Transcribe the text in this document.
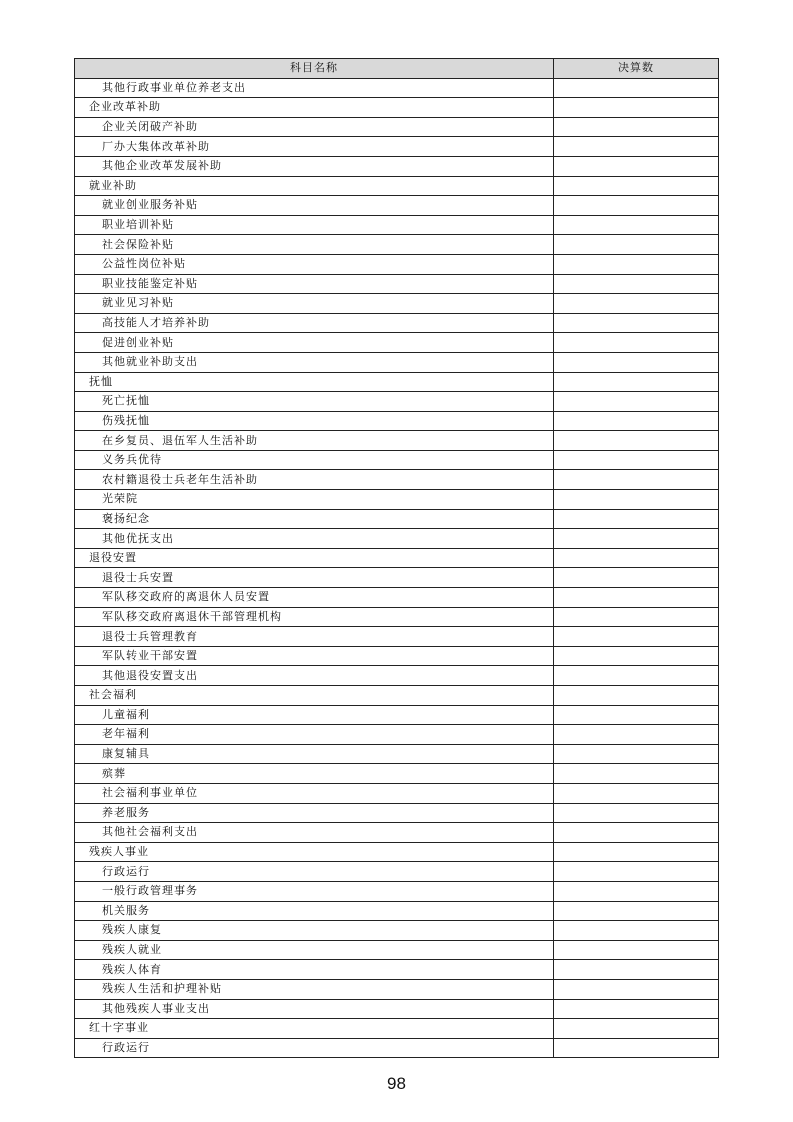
科目名称	决算数
其他行政事业单位养老支出	
企业改革补助	
企业关闭破产补助	
厂办大集体改革补助	
其他企业改革发展补助	
就业补助	
就业创业服务补贴	
职业培训补贴	
社会保险补贴	
公益性岗位补贴	
职业技能鉴定补贴	
就业见习补贴	
高技能人才培养补助	
促进创业补贴	
其他就业补助支出	
抚恤	
死亡抚恤	
伤残抚恤	
在乡复员、退伍军人生活补助	
义务兵优待	
农村籍退役士兵老年生活补助	
光荣院	
褒扬纪念	
其他优抚支出	
退役安置	
退役士兵安置	
军队移交政府的离退休人员安置	
军队移交政府离退休干部管理机构	
退役士兵管理教育	
军队转业干部安置	
其他退役安置支出	
社会福利	
儿童福利	
老年福利	
康复辅具	
殡葬	
社会福利事业单位	
养老服务	
其他社会福利支出	
残疾人事业	
行政运行	
一般行政管理事务	
机关服务	
残疾人康复	
残疾人就业	
残疾人体育	
残疾人生活和护理补贴	
其他残疾人事业支出	
红十字事业	
行政运行	
98
